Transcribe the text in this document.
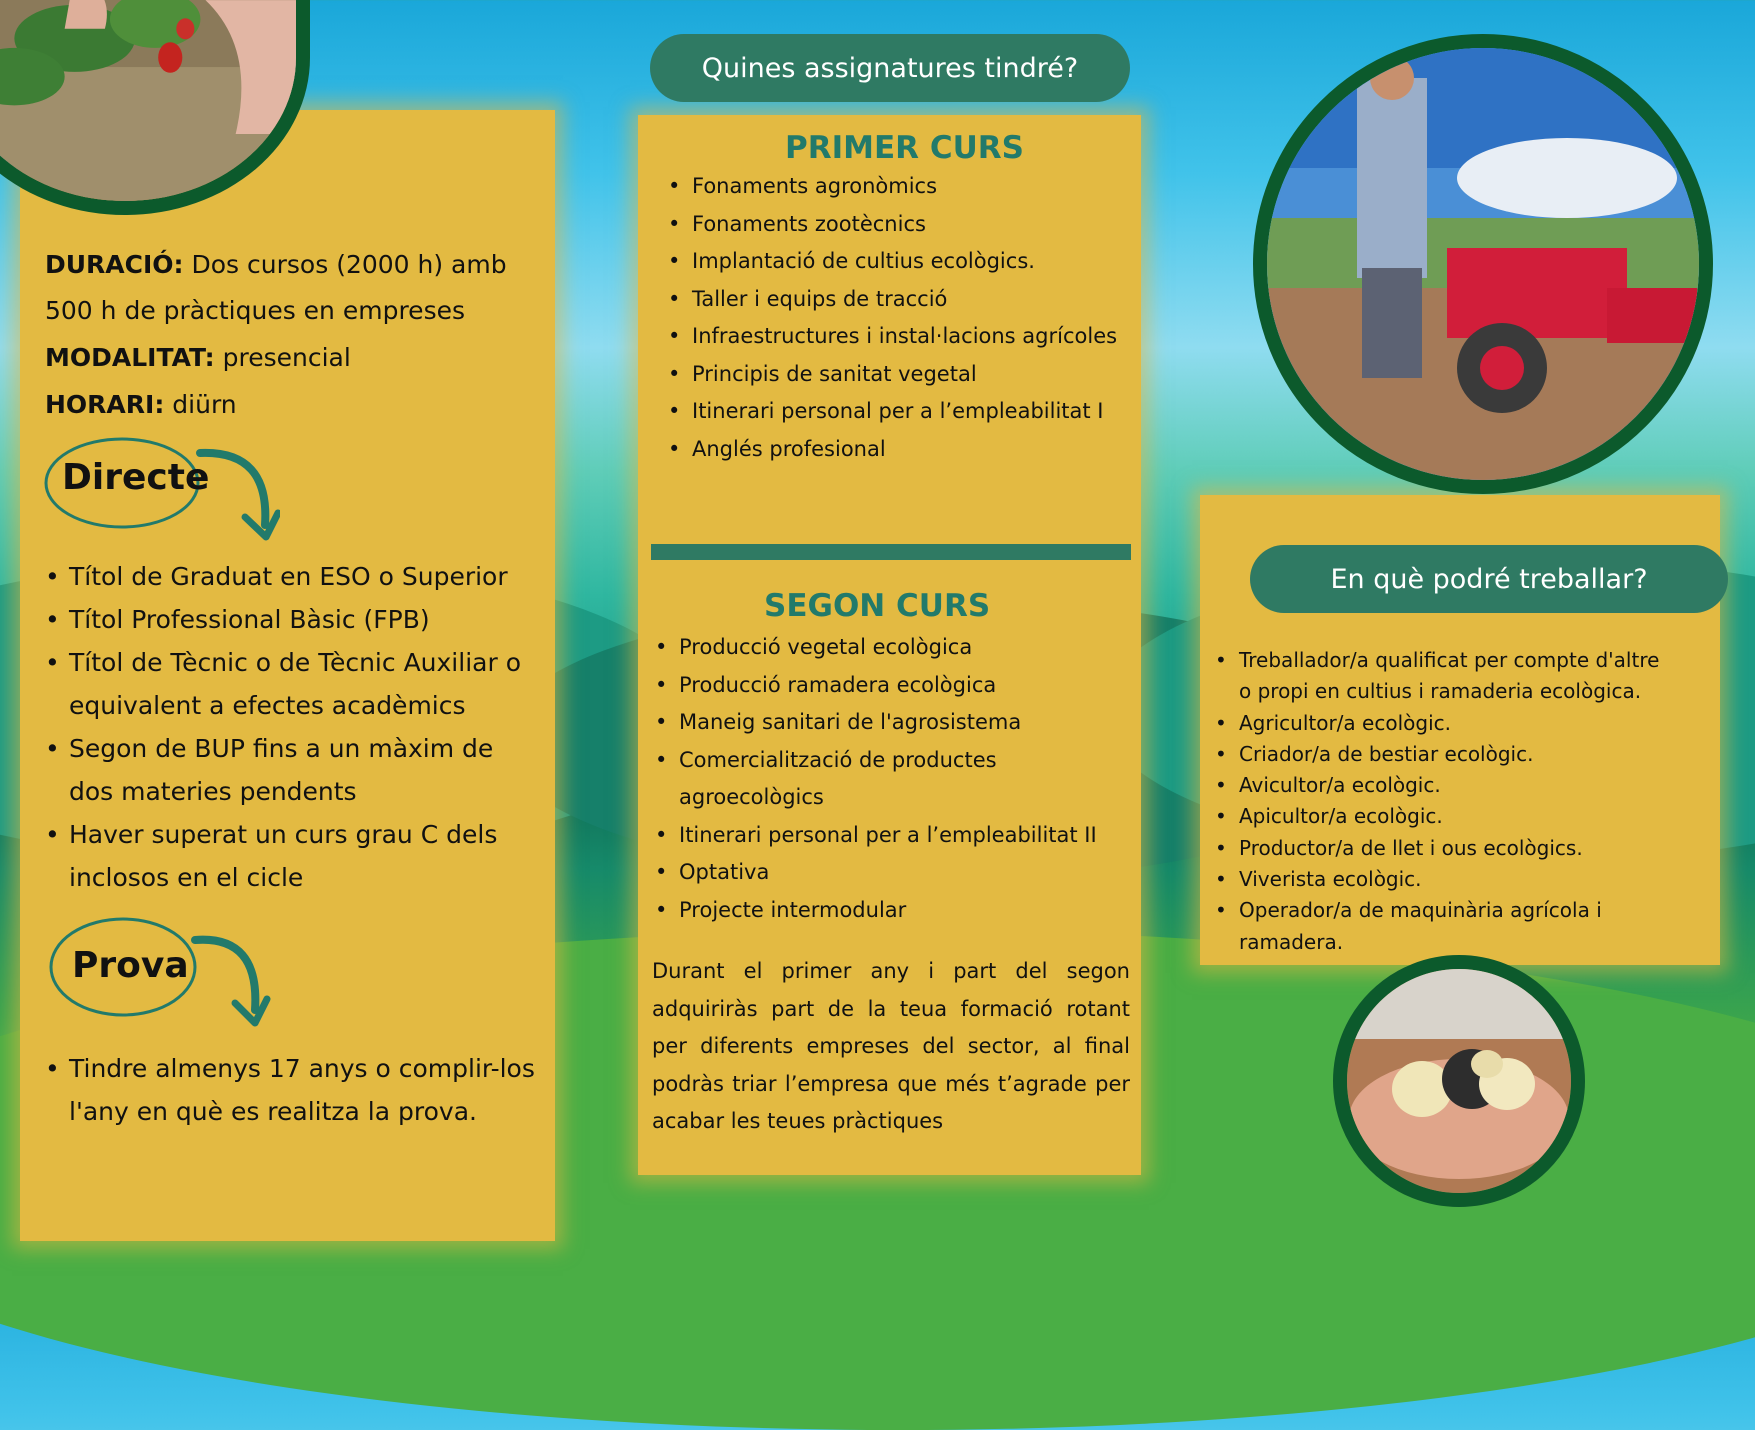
DURACIÓ: Dos cursos (2000 h) amb
500 h de pràctiques en empreses
MODALITAT: presencial
HORARI: diürn
Directe
• Títol de Graduat en ESO o Superior
• Títol Professional Bàsic (FPB)
• Títol de Tècnic o de Tècnic Auxiliar o equivalent a efectes acadèmics
• Segon de BUP fins a un màxim de dos materies pendents
• Haver superat un curs grau C dels inclosos en el cicle
Prova
• Tindre almenys 17 anys o complir-los l'any en què es realitza la prova.
Quines assignatures tindré?
PRIMER CURS
• Fonaments agronòmics
• Fonaments zootècnics
• Implantació de cultius ecològics.
• Taller i equips de tracció
• Infraestructures i instal·lacions agrícoles
• Principis de sanitat vegetal
• Itinerari personal per a l’empleabilitat I
• Anglés profesional
SEGON CURS
• Producció vegetal ecològica
• Producció ramadera ecològica
• Maneig sanitari de l'agrosistema
• Comercialització de productes agroecològics
• Itinerari personal per a l’empleabilitat II
• Optativa
• Projecte intermodular
Durant el primer any i part del segon adquiriràs part de la teua formació rotant per diferents empreses del sector, al final podràs triar l’empresa que més t’agrade per acabar les teues pràctiques
En què podré treballar?
• Treballador/a qualificat per compte d'altre o propi en cultius i ramaderia ecològica.
• Agricultor/a ecològic.
• Criador/a de bestiar ecològic.
• Avicultor/a ecològic.
• Apicultor/a ecològic.
• Productor/a de llet i ous ecològics.
• Viverista ecològic.
• Operador/a de maquinària agrícola i ramadera.
